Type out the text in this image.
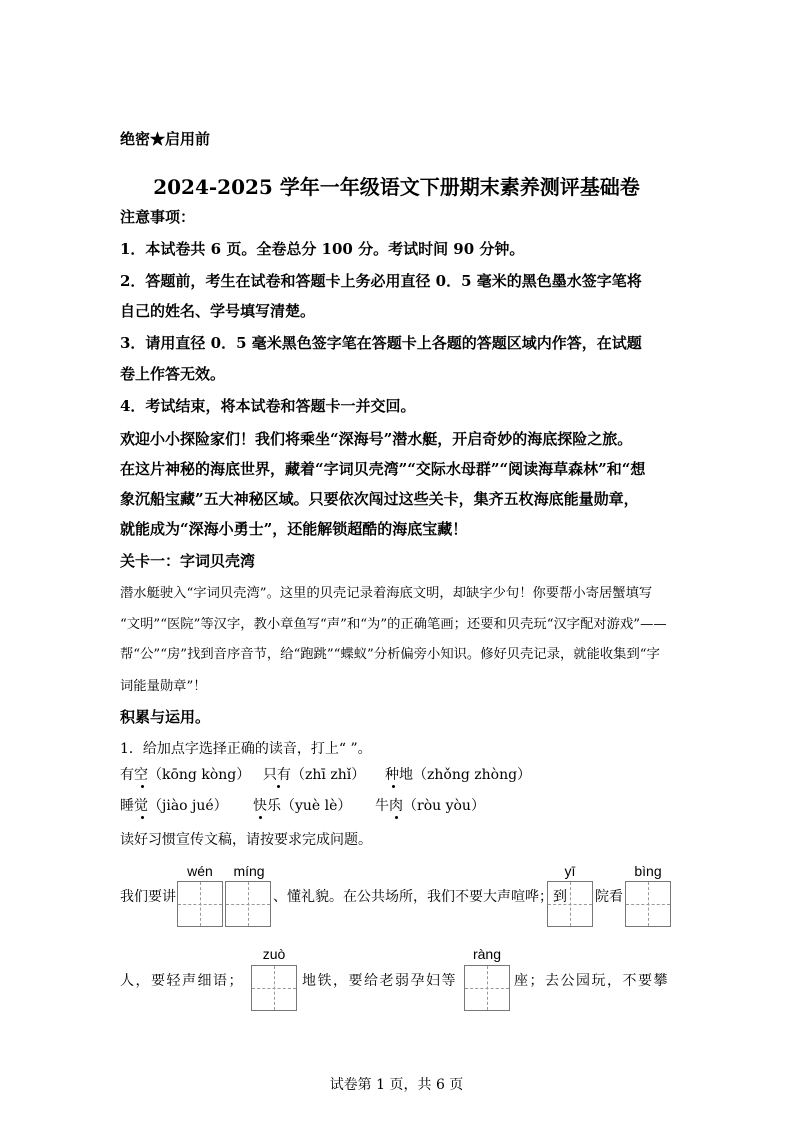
绝密★启用前
2024-2025 学年一年级语文下册期末素养测评基础卷
注意事项：
1．本试卷共 6 页。全卷总分 100 分。考试时间 90 分钟。
2．答题前，考生在试卷和答题卡上务必用直径 0．5 毫米的黑色墨水签字笔将
自己的姓名、学号填写清楚。
3．请用直径 0．5 毫米黑色签字笔在答题卡上各题的答题区域内作答，在试题
卷上作答无效。
4．考试结束，将本试卷和答题卡一并交回。
欢迎小小探险家们！我们将乘坐“深海号”潜水艇，开启奇妙的海底探险之旅。
在这片神秘的海底世界，藏着“字词贝壳湾”“交际水母群”“阅读海草森林”和“想
象沉船宝藏”五大神秘区域。只要依次闯过这些关卡，集齐五枚海底能量勋章，
就能成为“深海小勇士”，还能解锁超酷的海底宝藏！
关卡一：字词贝壳湾
潜水艇驶入“字词贝壳湾”。这里的贝壳记录着海底文明，却缺字少句！你要帮小寄居蟹填写
“文明”“医院”等汉字，教小章鱼写“声”和“为”的正确笔画；还要和贝壳玩“汉字配对游戏”——
帮“公”“房”找到音序音节，给“跑跳”“蝶蚁”分析偏旁小知识。修好贝壳记录，就能收集到“字
词能量勋章”！
积累与运用。
1．给加点字选择正确的读音，打上“ ”。
有空（kōng kòng） 只有（zhī zhǐ） 种地（zhǒng zhòng）
睡觉（jiào jué） 快乐（yuè lè） 牛肉（ròu yòu）
读好习惯宣传文稿，请按要求完成问题。
wén	míng	yī	bìng
我们要讲	、懂礼貌。在公共场所，我们不要大声喧哗；到 院看
zuò	ràng
人，要轻声细语；	地铁，要给老弱孕妇等	座；去公园玩，不要攀
试卷第 1 页，共 6 页
